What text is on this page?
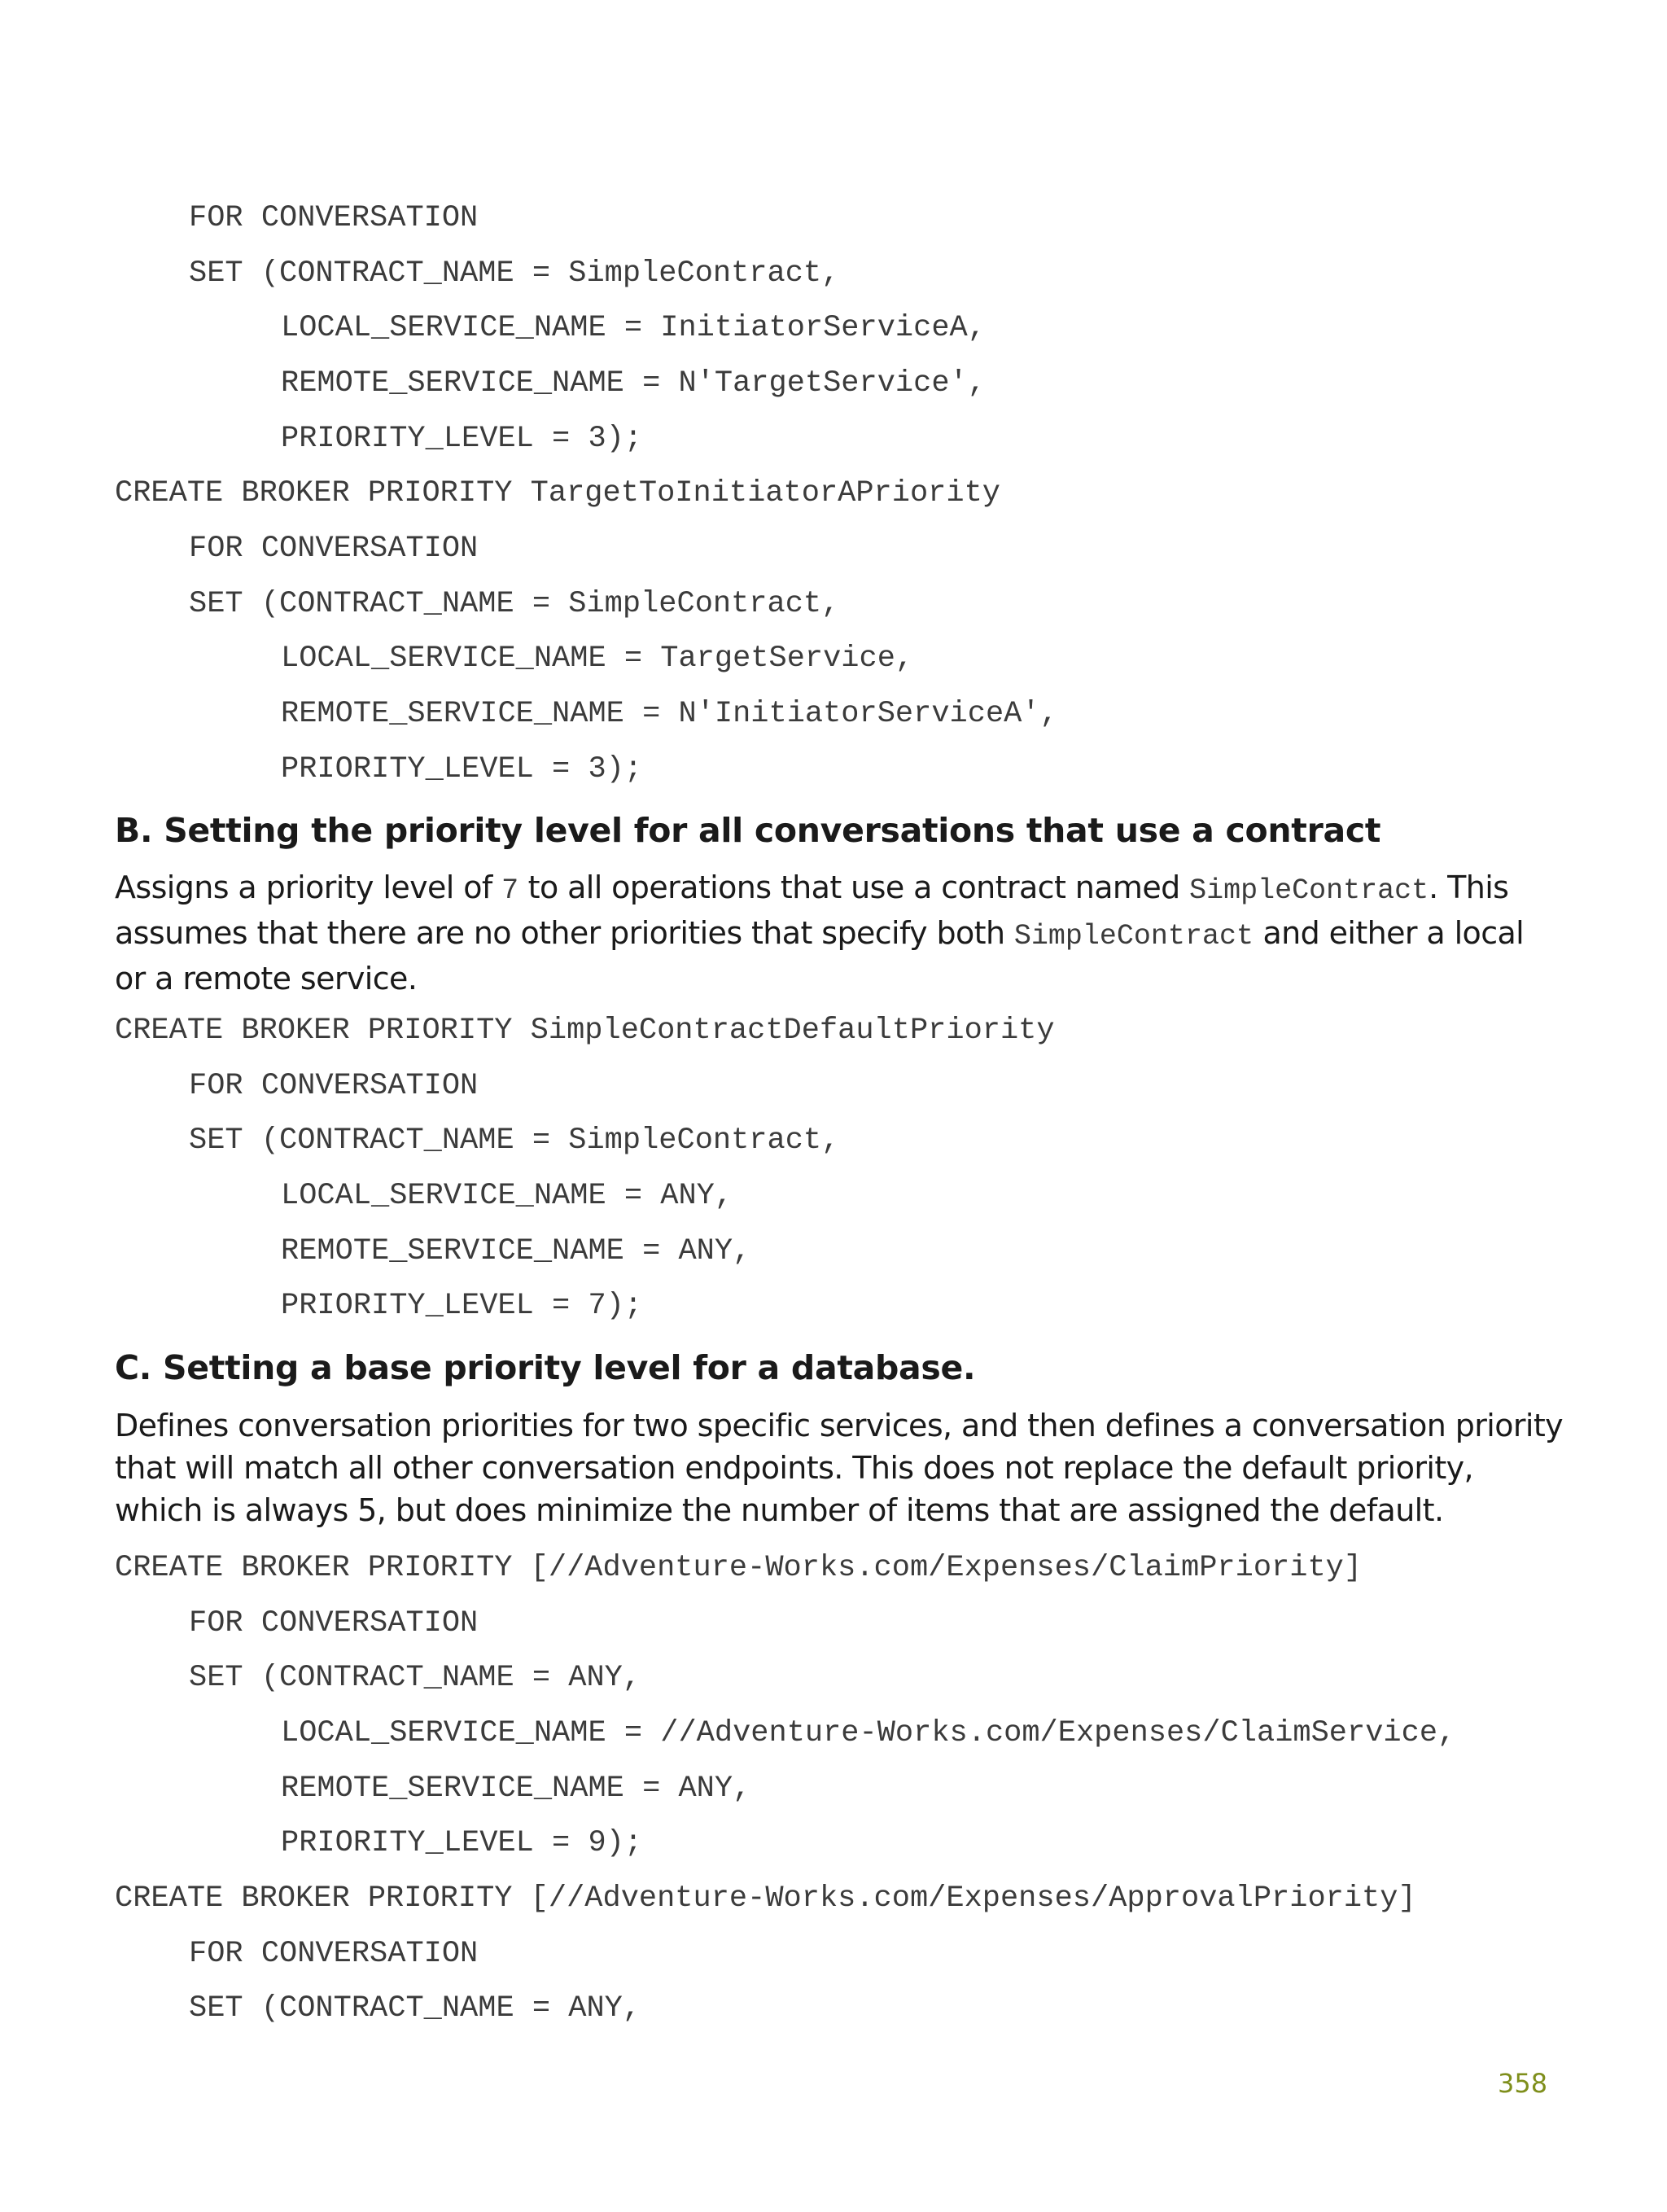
FOR CONVERSATION
SET (CONTRACT_NAME = SimpleContract,
LOCAL_SERVICE_NAME = InitiatorServiceA,
REMOTE_SERVICE_NAME = N'TargetService',
PRIORITY_LEVEL = 3);
CREATE BROKER PRIORITY TargetToInitiatorAPriority
FOR CONVERSATION
SET (CONTRACT_NAME = SimpleContract,
LOCAL_SERVICE_NAME = TargetService,
REMOTE_SERVICE_NAME = N'InitiatorServiceA',
PRIORITY_LEVEL = 3);
B. Setting the priority level for all conversations that use a contract
Assigns a priority level of 7 to all operations that use a contract named SimpleContract. This assumes that there are no other priorities that specify both SimpleContract and either a local or a remote service.
CREATE BROKER PRIORITY SimpleContractDefaultPriority
FOR CONVERSATION
SET (CONTRACT_NAME = SimpleContract,
LOCAL_SERVICE_NAME = ANY,
REMOTE_SERVICE_NAME = ANY,
PRIORITY_LEVEL = 7);
C. Setting a base priority level for a database.
Defines conversation priorities for two specific services, and then defines a conversation priority that will match all other conversation endpoints. This does not replace the default priority, which is always 5, but does minimize the number of items that are assigned the default.
CREATE BROKER PRIORITY [//Adventure-Works.com/Expenses/ClaimPriority]
FOR CONVERSATION
SET (CONTRACT_NAME = ANY,
LOCAL_SERVICE_NAME = //Adventure-Works.com/Expenses/ClaimService,
REMOTE_SERVICE_NAME = ANY,
PRIORITY_LEVEL = 9);
CREATE BROKER PRIORITY [//Adventure-Works.com/Expenses/ApprovalPriority]
FOR CONVERSATION
SET (CONTRACT_NAME = ANY,
358
